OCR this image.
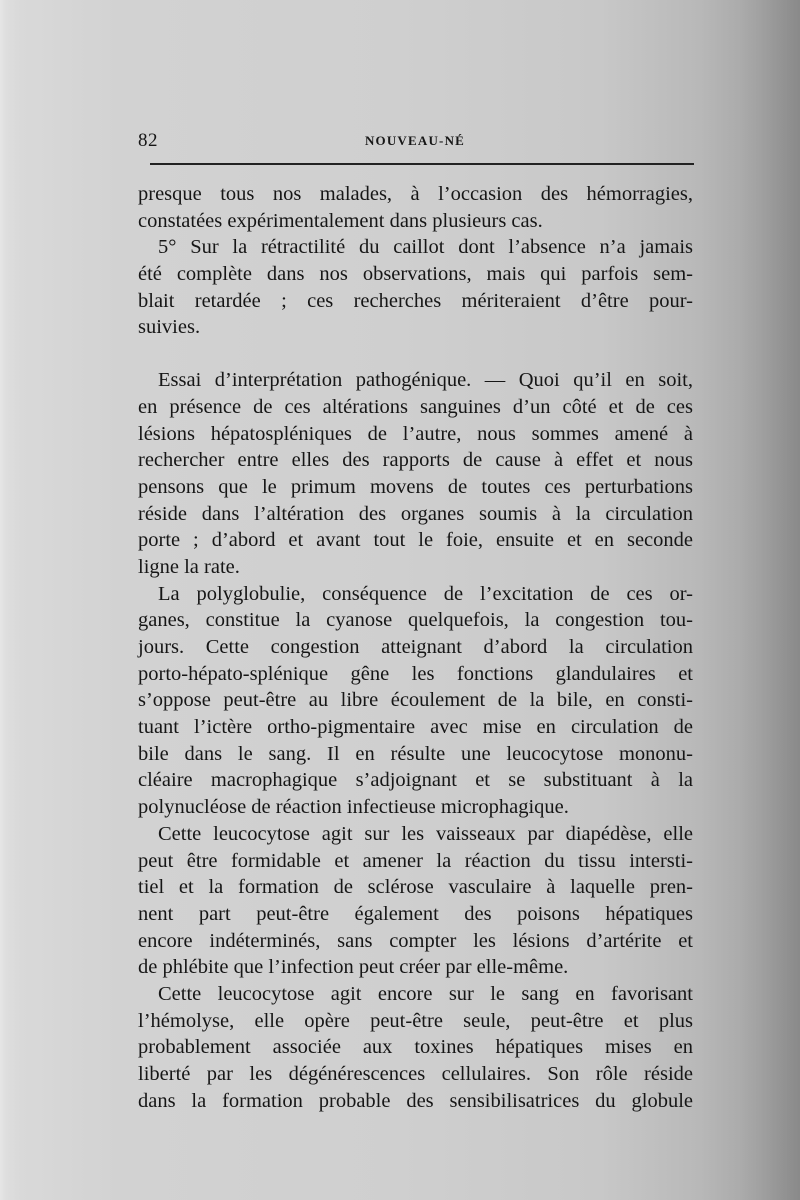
82	NOUVEAU-NÉ
presque tous nos malades, à l’occasion des hémorragies,
constatées expérimentalement dans plusieurs cas.
5° Sur la rétractilité du caillot dont l’absence n’a jamais
été complète dans nos observations, mais qui parfois sem-
blait retardée ; ces recherches mériteraient d’être pour-
suivies.
Essai d’interprétation pathogénique. — Quoi qu’il en soit,
en présence de ces altérations sanguines d’un côté et de ces
lésions hépatospléniques de l’autre, nous sommes amené à
rechercher entre elles des rapports de cause à effet et nous
pensons que le primum movens de toutes ces perturbations
réside dans l’altération des organes soumis à la circulation
porte ; d’abord et avant tout le foie, ensuite et en seconde
ligne la rate.
La polyglobulie, conséquence de l’excitation de ces or-
ganes, constitue la cyanose quelquefois, la congestion tou-
jours. Cette congestion atteignant d’abord la circulation
porto-hépato-splénique gêne les fonctions glandulaires et
s’oppose peut-être au libre écoulement de la bile, en consti-
tuant l’ictère ortho-pigmentaire avec mise en circulation de
bile dans le sang. Il en résulte une leucocytose mononu-
cléaire macrophagique s’adjoignant et se substituant à la
polynucléose de réaction infectieuse microphagique.
Cette leucocytose agit sur les vaisseaux par diapédèse, elle
peut être formidable et amener la réaction du tissu intersti-
tiel et la formation de sclérose vasculaire à laquelle pren-
nent part peut-être également des poisons hépatiques
encore indéterminés, sans compter les lésions d’artérite et
de phlébite que l’infection peut créer par elle-même.
Cette leucocytose agit encore sur le sang en favorisant
l’hémolyse, elle opère peut-être seule, peut-être et plus
probablement associée aux toxines hépatiques mises en
liberté par les dégénérescences cellulaires. Son rôle réside
dans la formation probable des sensibilisatrices du globule
